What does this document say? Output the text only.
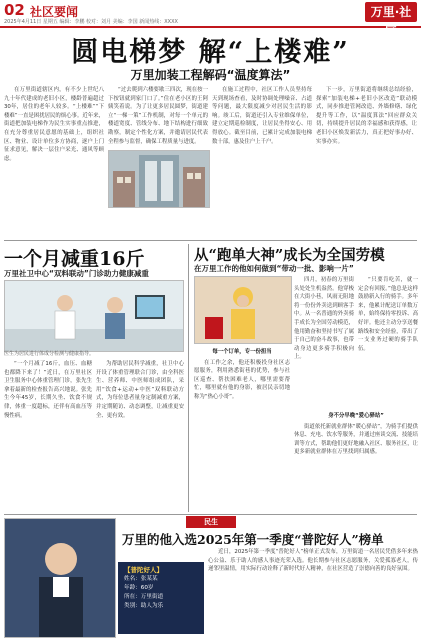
02 社区要闻
2025年4月11日 星期五 编辑：李鹏 校对：刘月 美编：李国 新闻热线：XXXX
万里·社区
圆电梯梦 解“上楼难”
万里加装工程解码“温度算法”

在万里街道辖区内，有不少上世纪八九十年代建成的老旧小区，楼龄普遍超过30年，居住的老年人较多。“上楼难”“下楼难”一直是困扰居民的烦心事。近年来，街道把加装电梯作为民生实事重点推进，在充分尊重居民意愿的基础上，组织社区、物业、设计单位多方协商，逐户上门征求意见，解决一层住户采光、通风等顾虑。

“过去爬到六楼要歇三四次，现在按一下按钮就到家门口了。”住在老小区的王阿姨笑着说。为了让更多居民圆梦，街道建立“一梯一策”工作机制，对每一个单元的楼道宽度、管线分布、地下结构进行细致勘察，制定个性化方案，并邀请居民代表全程参与监督，确保工程质量与进度。

在施工过程中，社区工作人员坚持每天到现场查看，及时协调处理噪音、占道等问题，最大限度减少对居民生活的影响。竣工后，街道还引入专业维保单位，建立定期巡检制度，让居民坐得安心、用得放心。截至目前，已累计完成加装电梯数十部，惠及住户上千户。

下一步，万里街道将继续总结经验，探索“加装电梯+老旧小区改造”联动模式，同步推进管网改造、外墙修缮、绿化提升等工作，以“温度算法”回应群众关切，持续提升居民的幸福感和获得感，让老旧小区焕发新活力，真正把好事办好、实事办实。

一个月减重16斤
万里社卫中心“双料联动”门诊助力健康减重
医生为居民进行体成分检测与健康指导。

“一个月减了16斤，血压、血糖也都降下来了！”近日，在万里社区卫生服务中心体重管理门诊，张先生拿着最新的检查报告高兴地说。张先生今年45岁，长期久坐、饮食不规律，体重一度超标，还伴有高血压等慢性病。

为帮助居民科学减重，社卫中心开设了体重管理联合门诊，由全科医生、营养师、中医师组成团队，采用“饮食+运动+中医”双料联动方式，为每位患者量身定制减重方案，并定期随访、动态调整，让减重更安全、更有效。

从“跑单大神”成长为全国劳模
在万里工作的他如何做到“带动一批、影响一片”

四月，初春的万里街头处处生机盎然。他穿梭在大街小巷，风雨无阻地将一份份外卖送到顾客手中。从一名普通的外卖骑手成长为全国劳动模范，他用勤奋和坚持书写了属于自己的奋斗故事，也带动身边更多骑手积极向上。

“只要肯吃苦，就一定会有回报。”他总是这样鼓励新入行的骑手。多年来，他累计配送订单数万单，始终保持零投诉、高好评。他还主动分享送餐路线和安全经验，带出了一支业务过硬的骑手队伍。

每一个订单，专一份担当

在工作之余，他还积极投身社区志愿服务，利用熟悉街巷的优势，参与社区巡查、帮扶困难老人，哪里需要帮忙，哪里就有他的身影，被居民亲切地称为“热心小哥”。

身不分早晚“爱心驿站”

街道依托新就业群体“暖心驿站”，为骑手们提供休息、充电、饮水等服务，并通过座谈交流、技能培训等方式，帮助他们更好地融入社区、服务社区，让更多新就业群体在万里找到归属感。

民生
万里的他入选2025年第一季度“普陀好人”榜单
【普陀好人】
姓名：张某某
年龄：60岁
所在：万里街道
类别：助人为乐

近日，2025年第一季度“普陀好人”榜单正式发布，万里街道一名居民凭借多年来热心公益、乐于助人的感人事迹光荣入选。他长期参与社区志愿服务，关爱孤寡老人，传递邻里温情，用实际行动诠释了新时代好人精神，在社区营造了崇德向善的良好氛围。
